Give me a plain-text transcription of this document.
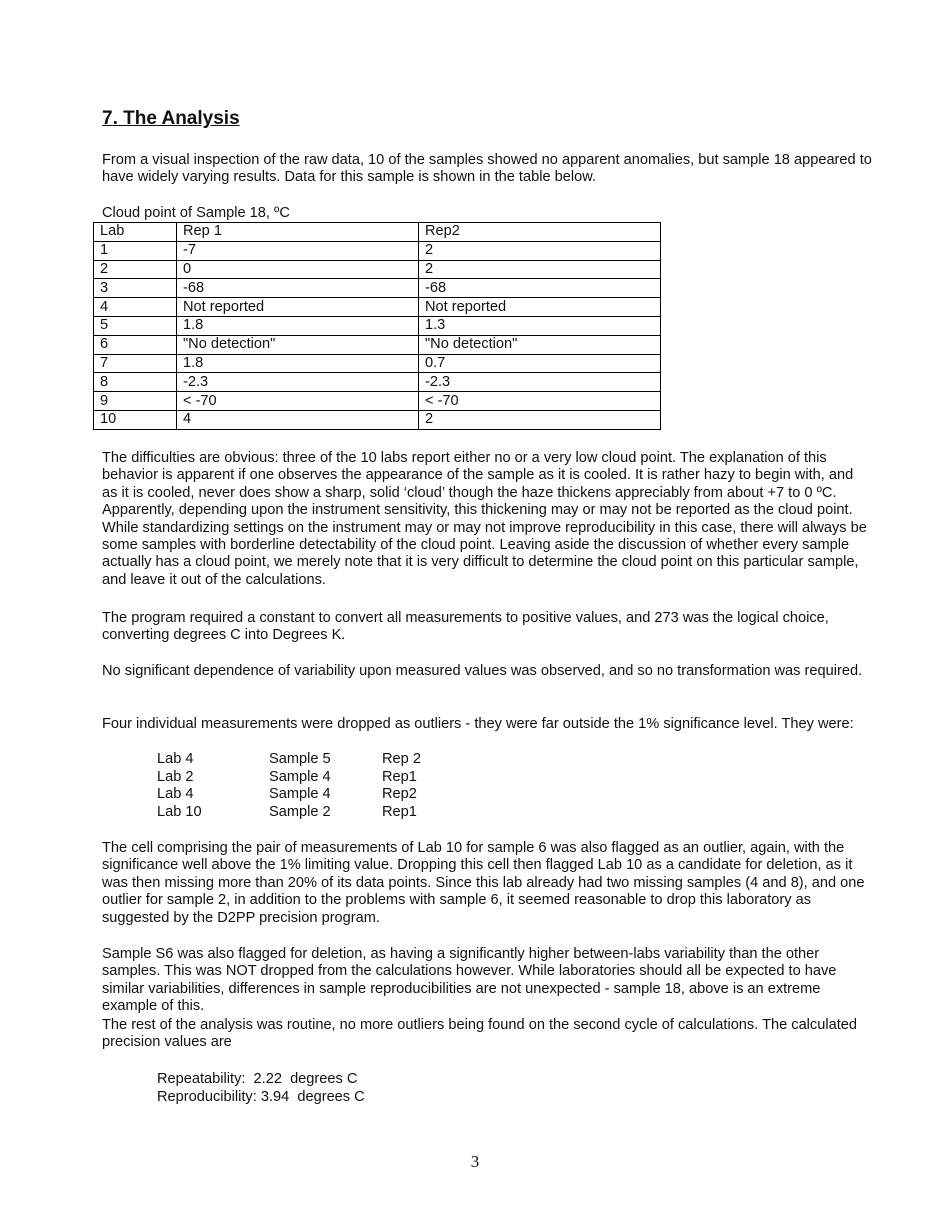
7. The Analysis

From a visual inspection of the raw data, 10 of the samples showed no apparent anomalies, but sample 18 appeared to have widely varying results. Data for this sample is shown in the table below.

Cloud point of Sample 18, ºC

Lab	Rep 1	Rep2
1	-7	2
2	0	2
3	-68	-68
4	Not reported	Not reported
5	1.8	1.3
6	"No detection"	"No detection"
7	1.8	0.7
8	-2.3	-2.3
9	< -70	< -70
10	4	2

The difficulties are obvious: three of the 10 labs report either no or a very low cloud point. The explanation of this behavior is apparent if one observes the appearance of the sample as it is cooled. It is rather hazy to begin with, and as it is cooled, never does show a sharp, solid ‘cloud’ though the haze thickens appreciably from about +7 to 0 ºC. Apparently, depending upon the instrument sensitivity, this thickening may or may not be reported as the cloud point. While standardizing settings on the instrument may or may not improve reproducibility in this case, there will always be some samples with borderline detectability of the cloud point. Leaving aside the discussion of whether every sample actually has a cloud point, we merely note that it is very difficult to determine the cloud point on this particular sample, and leave it out of the calculations.

The program required a constant to convert all measurements to positive values, and 273 was the logical choice, converting degrees C into Degrees K.

No significant dependence of variability upon measured values was observed, and so no transformation was required.

Four individual measurements were dropped as outliers - they were far outside the 1% significance level. They were:

Lab 4	Sample 5	Rep 2
Lab 2	Sample 4	Rep1
Lab 4	Sample 4	Rep2
Lab 10	Sample 2	Rep1

The cell comprising the pair of measurements of Lab 10 for sample 6 was also flagged as an outlier, again, with the significance well above the 1% limiting value. Dropping this cell then flagged Lab 10 as a candidate for deletion, as it was then missing more than 20% of its data points. Since this lab already had two missing samples (4 and 8), and one outlier for sample 2, in addition to the problems with sample 6, it seemed reasonable to drop this laboratory as suggested by the D2PP precision program.

Sample S6 was also flagged for deletion, as having a significantly higher between-labs variability than the other samples. This was NOT dropped from the calculations however. While laboratories should all be expected to have similar variabilities, differences in sample reproducibilities are not unexpected - sample 18, above is an extreme example of this.

The rest of the analysis was routine, no more outliers being found on the second cycle of calculations. The calculated precision values are

Repeatability: 2.22 degrees C
Reproducibility: 3.94 degrees C
3
